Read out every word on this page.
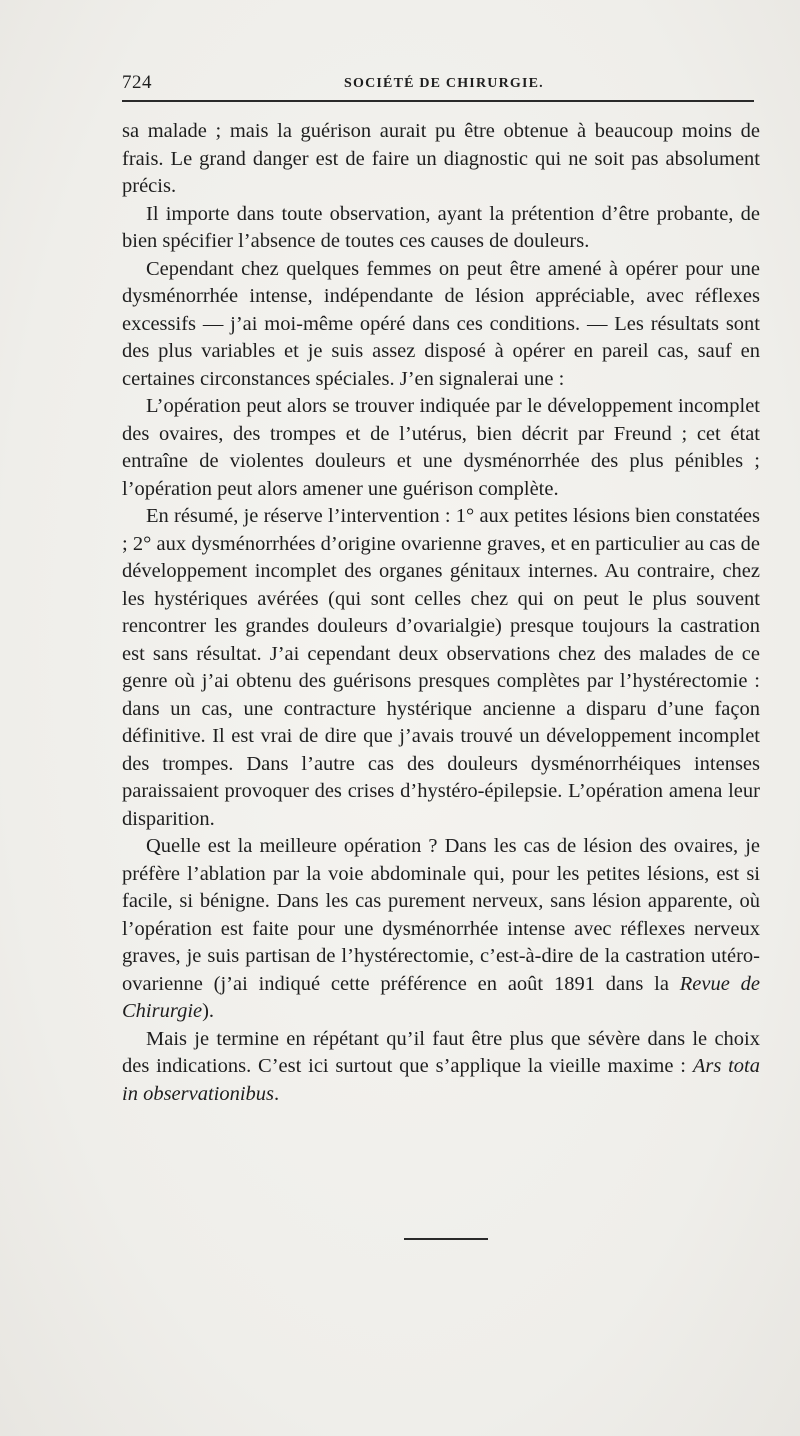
724	SOCIÉTÉ DE CHIRURGIE.

sa malade ; mais la guérison aurait pu être obtenue à beaucoup moins de frais. Le grand danger est de faire un diagnostic qui ne soit pas absolument précis.

Il importe dans toute observation, ayant la prétention d’être probante, de bien spécifier l’absence de toutes ces causes de douleurs.

Cependant chez quelques femmes on peut être amené à opérer pour une dysménorrhée intense, indépendante de lésion appréciable, avec réflexes excessifs — j’ai moi-même opéré dans ces conditions. — Les résultats sont des plus variables et je suis assez disposé à opérer en pareil cas, sauf en certaines circonstances spéciales. J’en signalerai une :

L’opération peut alors se trouver indiquée par le développement incomplet des ovaires, des trompes et de l’utérus, bien décrit par Freund ; cet état entraîne de violentes douleurs et une dysménorrhée des plus pénibles ; l’opération peut alors amener une guérison complète.

En résumé, je réserve l’intervention : 1° aux petites lésions bien constatées ; 2° aux dysménorrhées d’origine ovarienne graves, et en particulier au cas de développement incomplet des organes génitaux internes. Au contraire, chez les hystériques avérées (qui sont celles chez qui on peut le plus souvent rencontrer les grandes douleurs d’ovarialgie) presque toujours la castration est sans résultat. J’ai cependant deux observations chez des malades de ce genre où j’ai obtenu des guérisons presques complètes par l’hystérectomie : dans un cas, une contracture hystérique ancienne a disparu d’une façon définitive. Il est vrai de dire que j’avais trouvé un développement incomplet des trompes. Dans l’autre cas des douleurs dysménorrhéiques intenses paraissaient provoquer des crises d’hystéro-épilepsie. L’opération amena leur disparition.

Quelle est la meilleure opération ? Dans les cas de lésion des ovaires, je préfère l’ablation par la voie abdominale qui, pour les petites lésions, est si facile, si bénigne. Dans les cas purement nerveux, sans lésion apparente, où l’opération est faite pour une dysménorrhée intense avec réflexes nerveux graves, je suis partisan de l’hystérectomie, c’est-à-dire de la castration utéro-ovarienne (j’ai indiqué cette préférence en août 1891 dans la Revue de Chirurgie).

Mais je termine en répétant qu’il faut être plus que sévère dans le choix des indications. C’est ici surtout que s’applique la vieille maxime : Ars tota in observationibus.
